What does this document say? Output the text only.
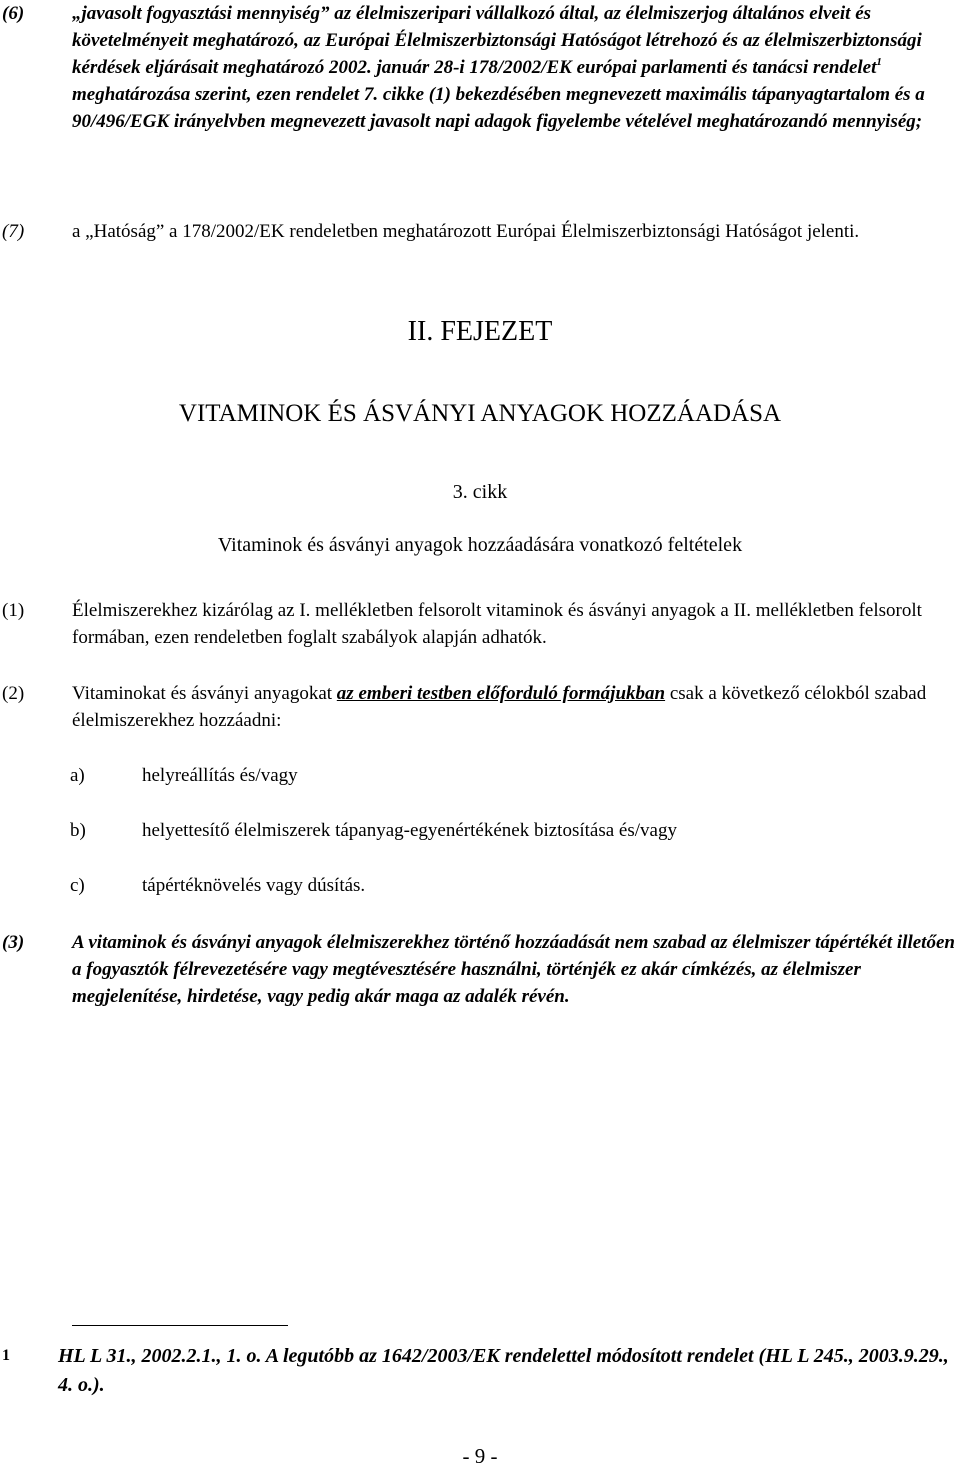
(6)	„javasolt fogyasztási mennyiség” az élelmiszeripari vállalkozó által, az élelmiszerjog általános elveit és követelményeit meghatározó, az Európai Élelmiszerbiztonsági Hatóságot létrehozó és az élelmiszerbiztonsági kérdések eljárásait meghatározó 2002. január 28-i 178/2002/EK európai parlamenti és tanácsi rendelet$^1$ meghatározása szerint, ezen rendelet 7. cikke (1) bekezdésében megnevezett maximális tápanyagtartalom és a 90/496/EGK irányelvben megnevezett javasolt napi adagok figyelembe vételével meghatározandó mennyiség;
(7)	a „Hatóság” a 178/2002/EK rendeletben meghatározott Európai Élelmiszerbiztonsági Hatóságot jelenti.
II. FEJEZET
VITAMINOK ÉS ÁSVÁNYI ANYAGOK HOZZÁADÁSA
3. cikk
Vitaminok és ásványi anyagok hozzáadására vonatkozó feltételek
(1)	Élelmiszerekhez kizárólag az I. mellékletben felsorolt vitaminok és ásványi anyagok a II. mellékletben felsorolt formában, ezen rendeletben foglalt szabályok alapján adhatók.
(2)	Vitaminokat és ásványi anyagokat az emberi testben előforduló formájukban csak a következő célokból szabad élelmiszerekhez hozzáadni:
a)	helyreállítás és/vagy
b)	helyettesítő élelmiszerek tápanyag-egyenértékének biztosítása és/vagy
c)	tápértéknövelés vagy dúsítás.
(3)	A vitaminok és ásványi anyagok élelmiszerekhez történő hozzáadását nem szabad az élelmiszer tápértékét illetően a fogyasztók félrevezetésére vagy megtévesztésére használni, történjék ez akár címkézés, az élelmiszer megjelenítése, hirdetése, vagy pedig akár maga az adalék révén.
1 HL L 31., 2002.2.1., 1. o. A legutóbb az 1642/2003/EK rendelettel módosított rendelet (HL L 245., 2003.9.29., 4. o.).
- 9 -
